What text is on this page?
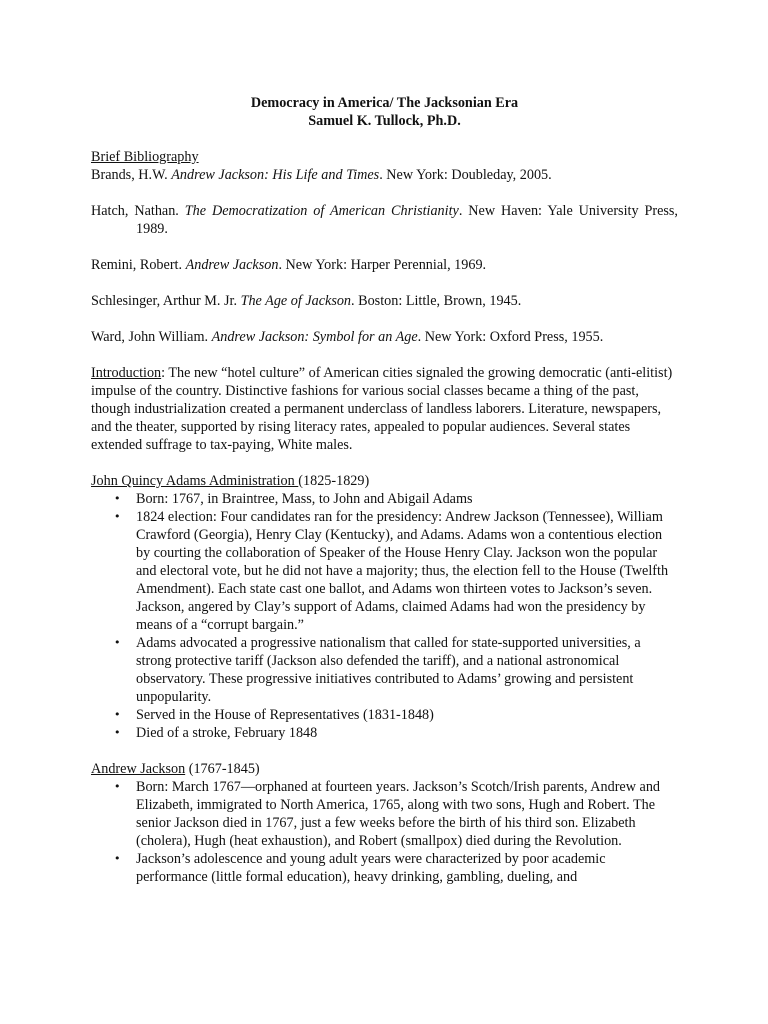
Democracy in America/ The Jacksonian Era
Samuel K. Tullock, Ph.D.
Brief Bibliography
Brands, H.W. Andrew Jackson: His Life and Times. New York: Doubleday, 2005.
Hatch, Nathan. The Democratization of American Christianity. New Haven: Yale University Press, 1989.
Remini, Robert. Andrew Jackson. New York: Harper Perennial, 1969.
Schlesinger, Arthur M. Jr. The Age of Jackson. Boston: Little, Brown, 1945.
Ward, John William. Andrew Jackson: Symbol for an Age. New York: Oxford Press, 1955.
Introduction: The new “hotel culture” of American cities signaled the growing democratic (anti-elitist) impulse of the country. Distinctive fashions for various social classes became a thing of the past, though industrialization created a permanent underclass of landless laborers. Literature, newspapers, and the theater, supported by rising literacy rates, appealed to popular audiences. Several states extended suffrage to tax-paying, White males.
John Quincy Adams Administration (1825-1829)
• Born: 1767, in Braintree, Mass, to John and Abigail Adams
• 1824 election: Four candidates ran for the presidency: Andrew Jackson (Tennessee), William Crawford (Georgia), Henry Clay (Kentucky), and Adams. Adams won a contentious election by courting the collaboration of Speaker of the House Henry Clay. Jackson won the popular and electoral vote, but he did not have a majority; thus, the election fell to the House (Twelfth Amendment). Each state cast one ballot, and Adams won thirteen votes to Jackson’s seven. Jackson, angered by Clay’s support of Adams, claimed Adams had won the presidency by means of a “corrupt bargain.”
• Adams advocated a progressive nationalism that called for state-supported universities, a strong protective tariff (Jackson also defended the tariff), and a national astronomical observatory. These progressive initiatives contributed to Adams’ growing and persistent unpopularity.
• Served in the House of Representatives (1831-1848)
• Died of a stroke, February 1848
Andrew Jackson (1767-1845)
• Born: March 1767—orphaned at fourteen years. Jackson’s Scotch/Irish parents, Andrew and Elizabeth, immigrated to North America, 1765, along with two sons, Hugh and Robert. The senior Jackson died in 1767, just a few weeks before the birth of his third son. Elizabeth (cholera), Hugh (heat exhaustion), and Robert (smallpox) died during the Revolution.
• Jackson’s adolescence and young adult years were characterized by poor academic performance (little formal education), heavy drinking, gambling, dueling, and
